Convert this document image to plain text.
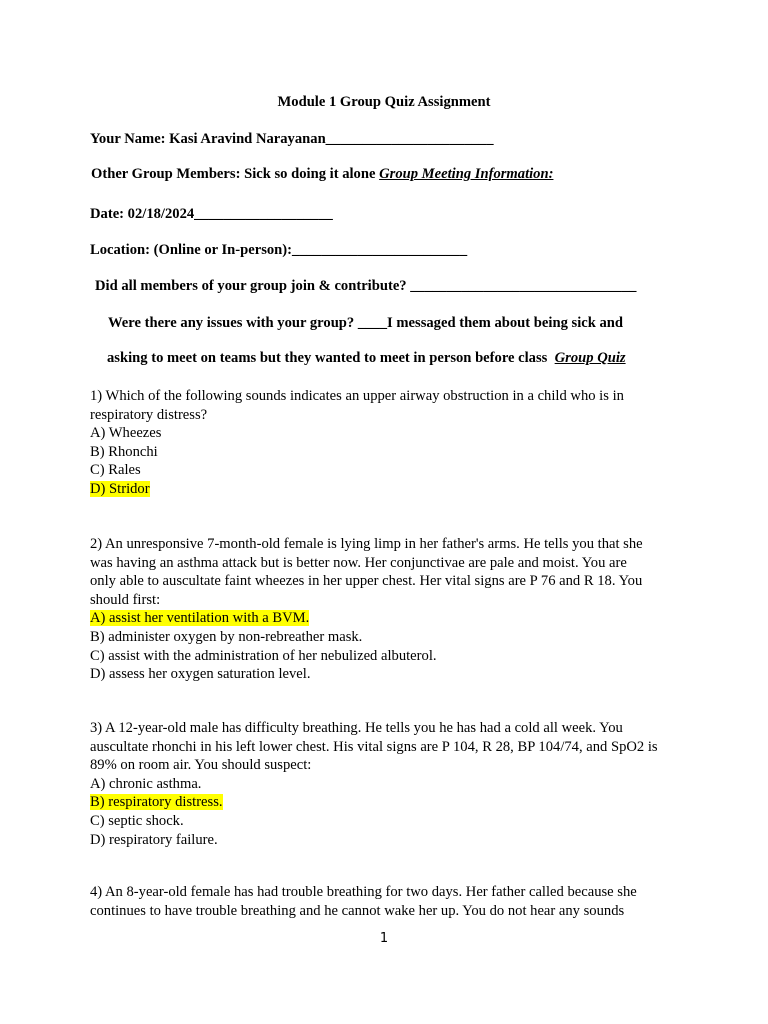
Module 1 Group Quiz Assignment
Your Name: Kasi Aravind Narayanan_______________________
Other Group Members: Sick so doing it alone Group Meeting Information:
Date: 02/18/2024___________________
Location: (Online or In-person):________________________
Did all members of your group join & contribute? _______________________________
Were there any issues with your group? ____I messaged them about being sick and
asking to meet on teams but they wanted to meet in person before class  Group Quiz
1) Which of the following sounds indicates an upper airway obstruction in a child who is in
respiratory distress?
A) Wheezes
B) Rhonchi
C) Rales
D) Stridor
2) An unresponsive 7-month-old female is lying limp in her father's arms. He tells you that she
was having an asthma attack but is better now. Her conjunctivae are pale and moist. You are
only able to auscultate faint wheezes in her upper chest. Her vital signs are P 76 and R 18. You
should first:
A) assist her ventilation with a BVM.
B) administer oxygen by non-rebreather mask.
C) assist with the administration of her nebulized albuterol.
D) assess her oxygen saturation level.
3) A 12-year-old male has difficulty breathing. He tells you he has had a cold all week. You
auscultate rhonchi in his left lower chest. His vital signs are P 104, R 28, BP 104/74, and SpO2 is
89% on room air. You should suspect:
A) chronic asthma.
B) respiratory distress.
C) septic shock.
D) respiratory failure.
4) An 8-year-old female has had trouble breathing for two days. Her father called because she
continues to have trouble breathing and he cannot wake her up. You do not hear any sounds
1
